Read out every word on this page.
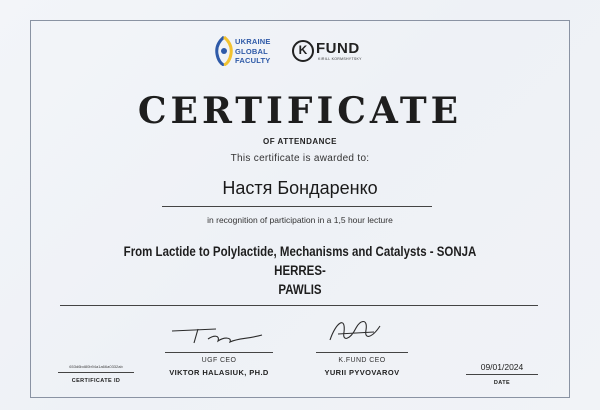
UKRAINE
GLOBAL
FACULTY
K FUND
KIRILL KORMSHYTSKY
CERTIFICATE
OF ATTENDANCE
This certificate is awarded to:
Настя Бондаренко
in recognition of participation in a 1,5 hour lecture
From Lactide to Polylactide, Mechanisms and Catalysts - SONJA HERRES-
PAWLIS
653d6bd80b94a1a66a0332ab
CERTIFICATE ID
UGF CEO
VIKTOR HALASIUK, PH.D
K.FUND CEO
YURII PYVOVAROV
09/01/2024
DATE
